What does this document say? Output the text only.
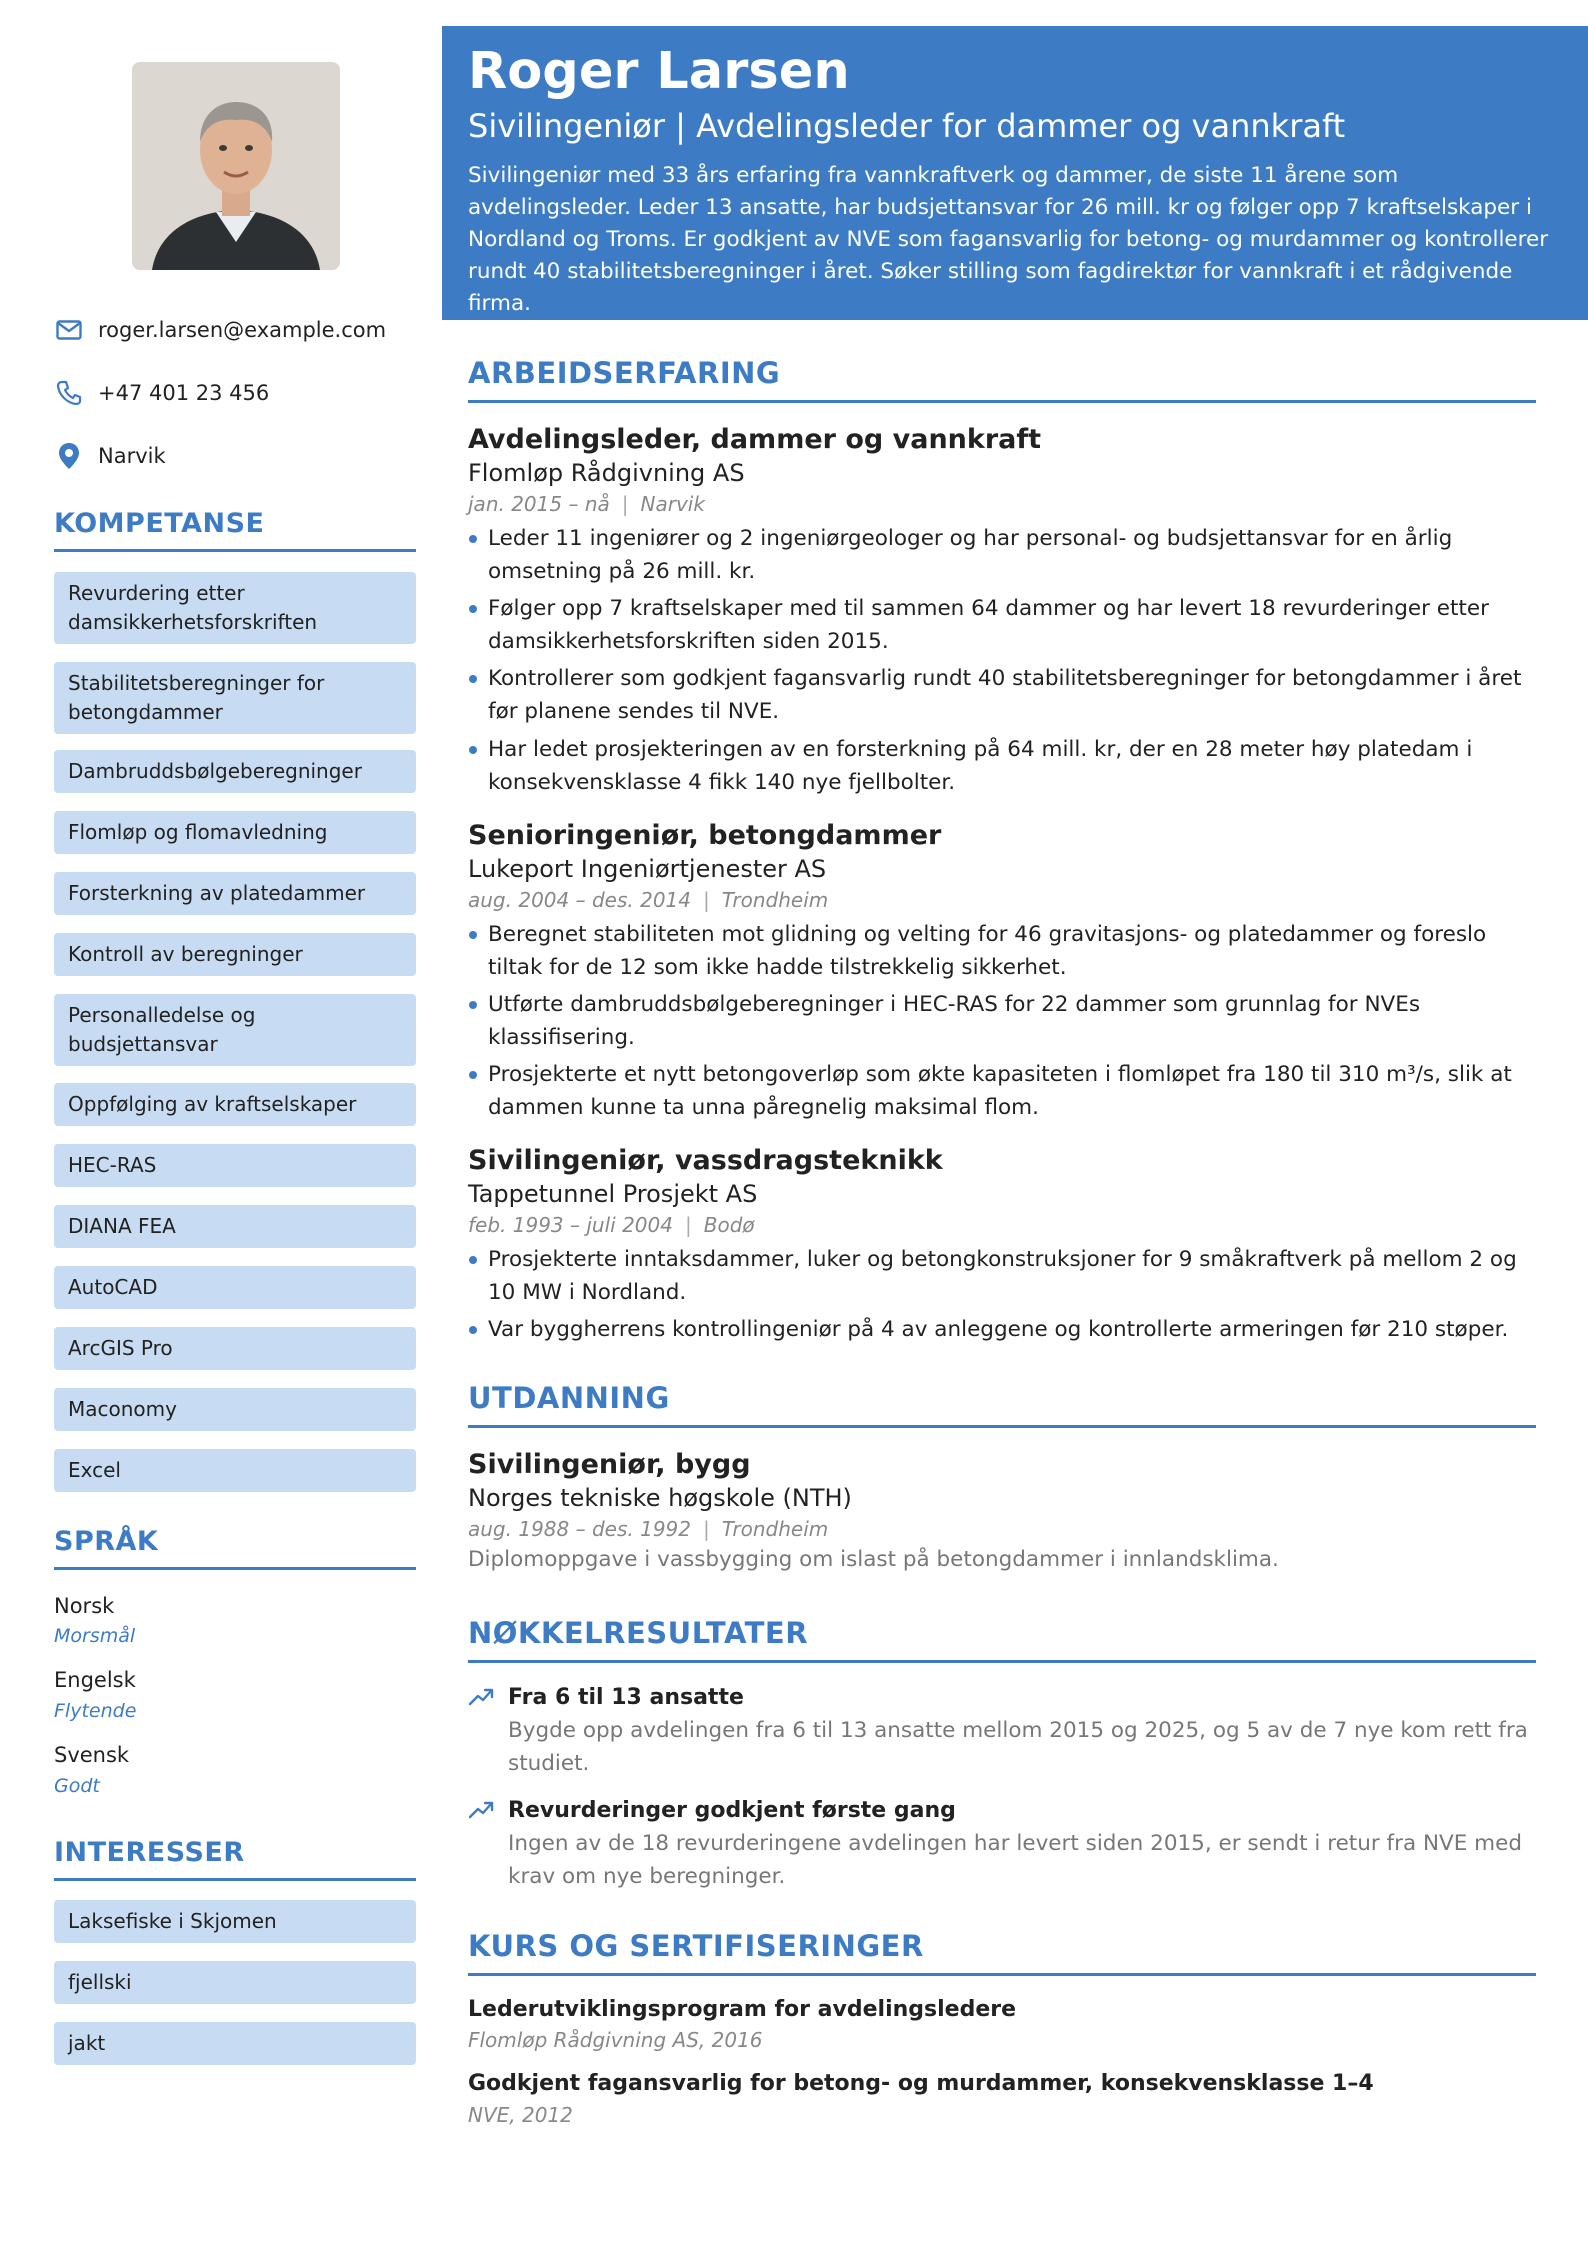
roger.larsen@example.com
+47 401 23 456
Narvik
KOMPETANSE
Revurdering etter damsikkerhetsforskriften
Stabilitetsberegninger for betongdammer
Dambruddsbølgeberegninger
Flomløp og flomavledning
Forsterkning av platedammer
Kontroll av beregninger
Personalledelse og budsjettansvar
Oppfølging av kraftselskaper
HEC-RAS
DIANA FEA
AutoCAD
ArcGIS Pro
Maconomy
Excel
SPRÅK
Norsk
Morsmål
Engelsk
Flytende
Svensk
Godt
INTERESSER
Laksefiske i Skjomen
fjellski
jakt
Roger Larsen
Sivilingeniør | Avdelingsleder for dammer og vannkraft
Sivilingeniør med 33 års erfaring fra vannkraftverk og dammer, de siste 11 årene som avdelingsleder. Leder 13 ansatte, har budsjettansvar for 26 mill. kr og følger opp 7 kraftselskaper i Nordland og Troms. Er godkjent av NVE som fagansvarlig for betong- og murdammer og kontrollerer rundt 40 stabilitetsberegninger i året. Søker stilling som fagdirektør for vannkraft i et rådgivende firma.
ARBEIDSERFARING
Avdelingsleder, dammer og vannkraft
Flomløp Rådgivning AS
jan. 2015 – nå | Narvik
Leder 11 ingeniører og 2 ingeniørgeologer og har personal- og budsjettansvar for en årlig omsetning på 26 mill. kr.
Følger opp 7 kraftselskaper med til sammen 64 dammer og har levert 18 revurderinger etter damsikkerhetsforskriften siden 2015.
Kontrollerer som godkjent fagansvarlig rundt 40 stabilitetsberegninger for betongdammer i året før planene sendes til NVE.
Har ledet prosjekteringen av en forsterkning på 64 mill. kr, der en 28 meter høy platedam i konsekvensklasse 4 fikk 140 nye fjellbolter.
Senioringeniør, betongdammer
Lukeport Ingeniørtjenester AS
aug. 2004 – des. 2014 | Trondheim
Beregnet stabiliteten mot glidning og velting for 46 gravitasjons- og platedammer og foreslo tiltak for de 12 som ikke hadde tilstrekkelig sikkerhet.
Utførte dambruddsbølgeberegninger i HEC-RAS for 22 dammer som grunnlag for NVEs klassifisering.
Prosjekterte et nytt betongoverløp som økte kapasiteten i flomløpet fra 180 til 310 m³/s, slik at dammen kunne ta unna påregnelig maksimal flom.
Sivilingeniør, vassdragsteknikk
Tappetunnel Prosjekt AS
feb. 1993 – juli 2004 | Bodø
Prosjekterte inntaksdammer, luker og betongkonstruksjoner for 9 småkraftverk på mellom 2 og 10 MW i Nordland.
Var byggherrens kontrollingeniør på 4 av anleggene og kontrollerte armeringen før 210 støper.
UTDANNING
Sivilingeniør, bygg
Norges tekniske høgskole (NTH)
aug. 1988 – des. 1992 | Trondheim
Diplomoppgave i vassbygging om islast på betongdammer i innlandsklima.
NØKKELRESULTATER
Fra 6 til 13 ansatte
Bygde opp avdelingen fra 6 til 13 ansatte mellom 2015 og 2025, og 5 av de 7 nye kom rett fra studiet.
Revurderinger godkjent første gang
Ingen av de 18 revurderingene avdelingen har levert siden 2015, er sendt i retur fra NVE med krav om nye beregninger.
KURS OG SERTIFISERINGER
Lederutviklingsprogram for avdelingsledere
Flomløp Rådgivning AS, 2016
Godkjent fagansvarlig for betong- og murdammer, konsekvensklasse 1–4
NVE, 2012
